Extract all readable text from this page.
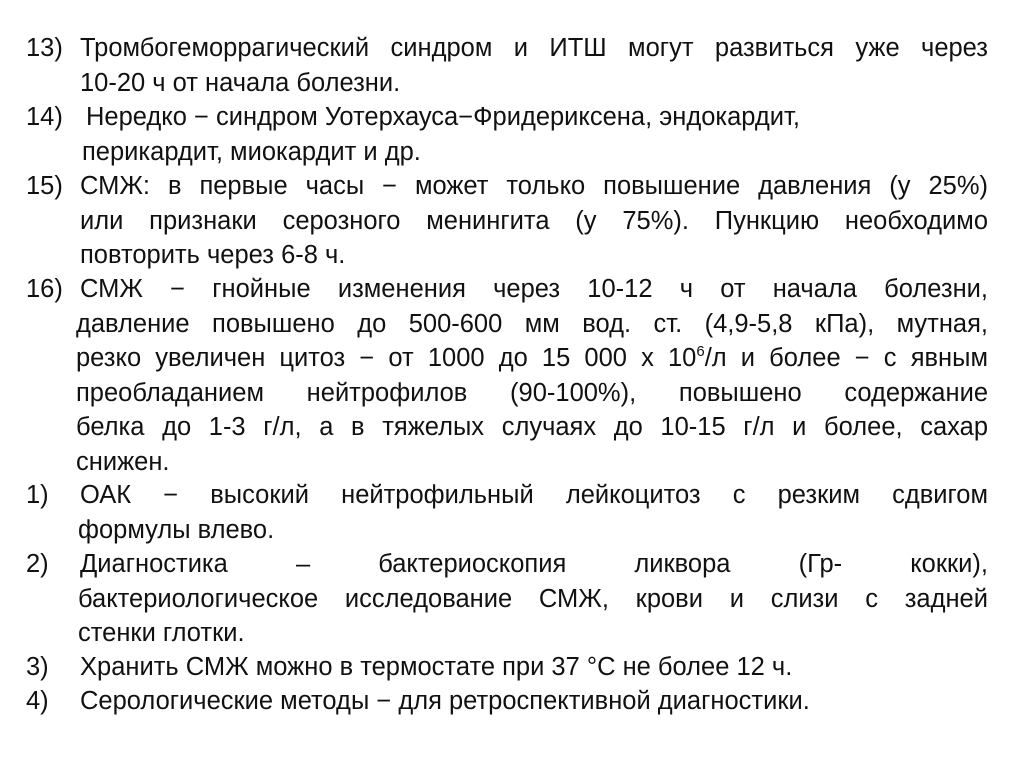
13) Тромбогеморрагический синдром и ИТШ могут развиться уже через
10-20 ч от начала болезни.
14) Нередко − синдром Уотерхауса−Фридериксена, эндокардит,
перикардит, миокардит и др.
15) СМЖ: в первые часы − может только повышение давления (у 25%)
или признаки серозного менингита (у 75%). Пункцию необходимо
повторить через 6-8 ч.
16) СМЖ − гнойные изменения через 10-12 ч от начала болезни,
давление повышено до 500-600 мм вод. ст. (4,9-5,8 кПа), мутная,
резко увеличен цитоз − от 1000 до 15 000 х $10^6/л$ и более − с явным
преобладанием нейтрофилов (90-100%), повышено содержание
белка до 1-3 г/л, а в тяжелых случаях до 10-15 г/л и более, сахар
снижен.
1) ОАК − высокий нейтрофильный лейкоцитоз с резким сдвигом
формулы влево.
2) Диагностика – бактериоскопия ликвора (Гр- кокки),
бактериологическое исследование СМЖ, крови и слизи с задней
стенки глотки.
3) Хранить СМЖ можно в термостате при 37 °С не более 12 ч.
4) Серологические методы − для ретроспективной диагностики.
